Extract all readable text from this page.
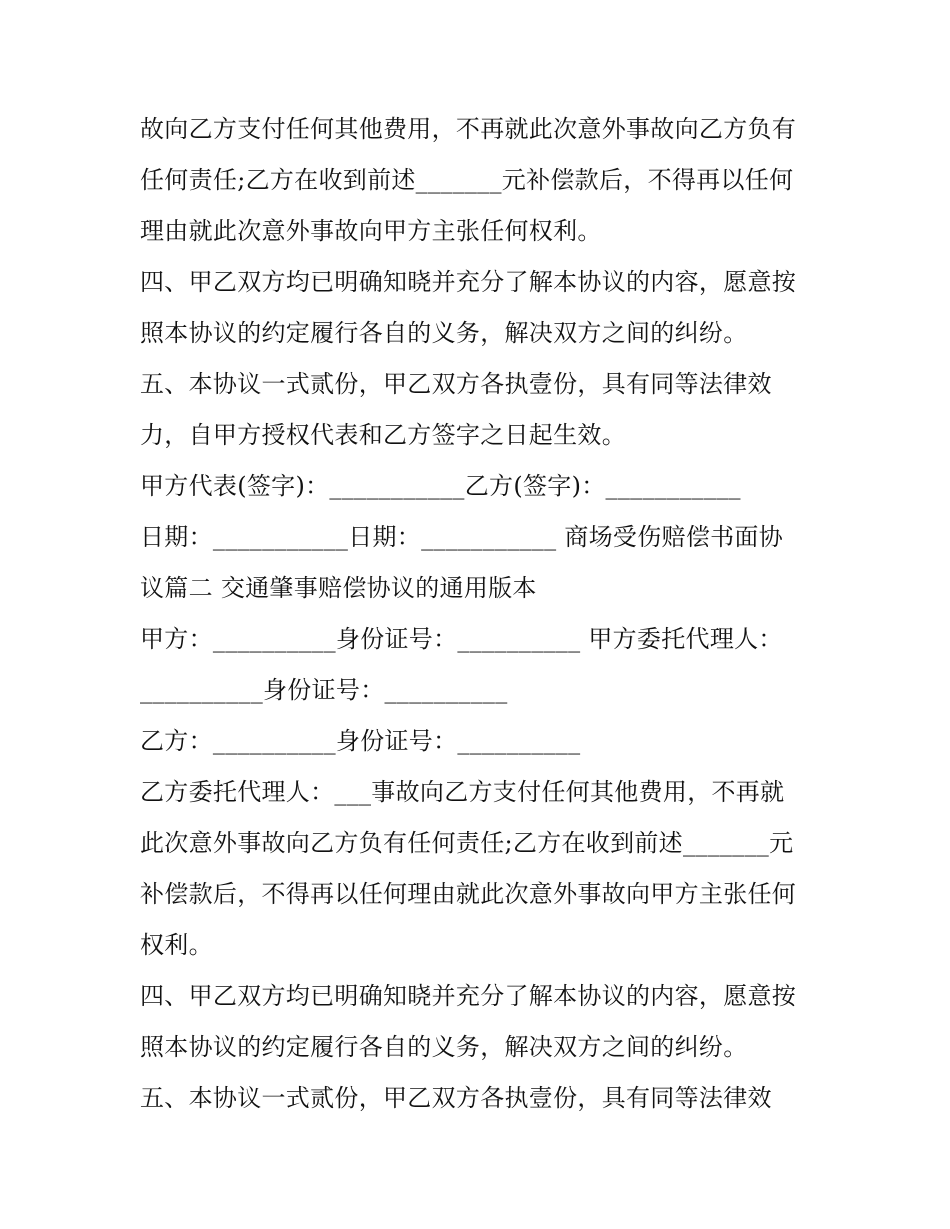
故向乙方支付任何其他费用，不再就此次意外事故向乙方负有
任何责任;乙方在收到前述_______元补偿款后，不得再以任何
理由就此次意外事故向甲方主张任何权利。
四、甲乙双方均已明确知晓并充分了解本协议的内容，愿意按
照本协议的约定履行各自的义务，解决双方之间的纠纷。
五、本协议一式贰份，甲乙双方各执壹份，具有同等法律效
力，自甲方授权代表和乙方签字之日起生效。
甲方代表(签字)：___________乙方(签字)：___________
日期：___________日期：___________ 商场受伤赔偿书面协
议篇二 交通肇事赔偿协议的通用版本
甲方：__________身份证号：__________ 甲方委托代理人：
__________身份证号：__________
乙方：__________身份证号：__________
乙方委托代理人：___事故向乙方支付任何其他费用，不再就
此次意外事故向乙方负有任何责任;乙方在收到前述_______元
补偿款后，不得再以任何理由就此次意外事故向甲方主张任何
权利。
四、甲乙双方均已明确知晓并充分了解本协议的内容，愿意按
照本协议的约定履行各自的义务，解决双方之间的纠纷。
五、本协议一式贰份，甲乙双方各执壹份，具有同等法律效
